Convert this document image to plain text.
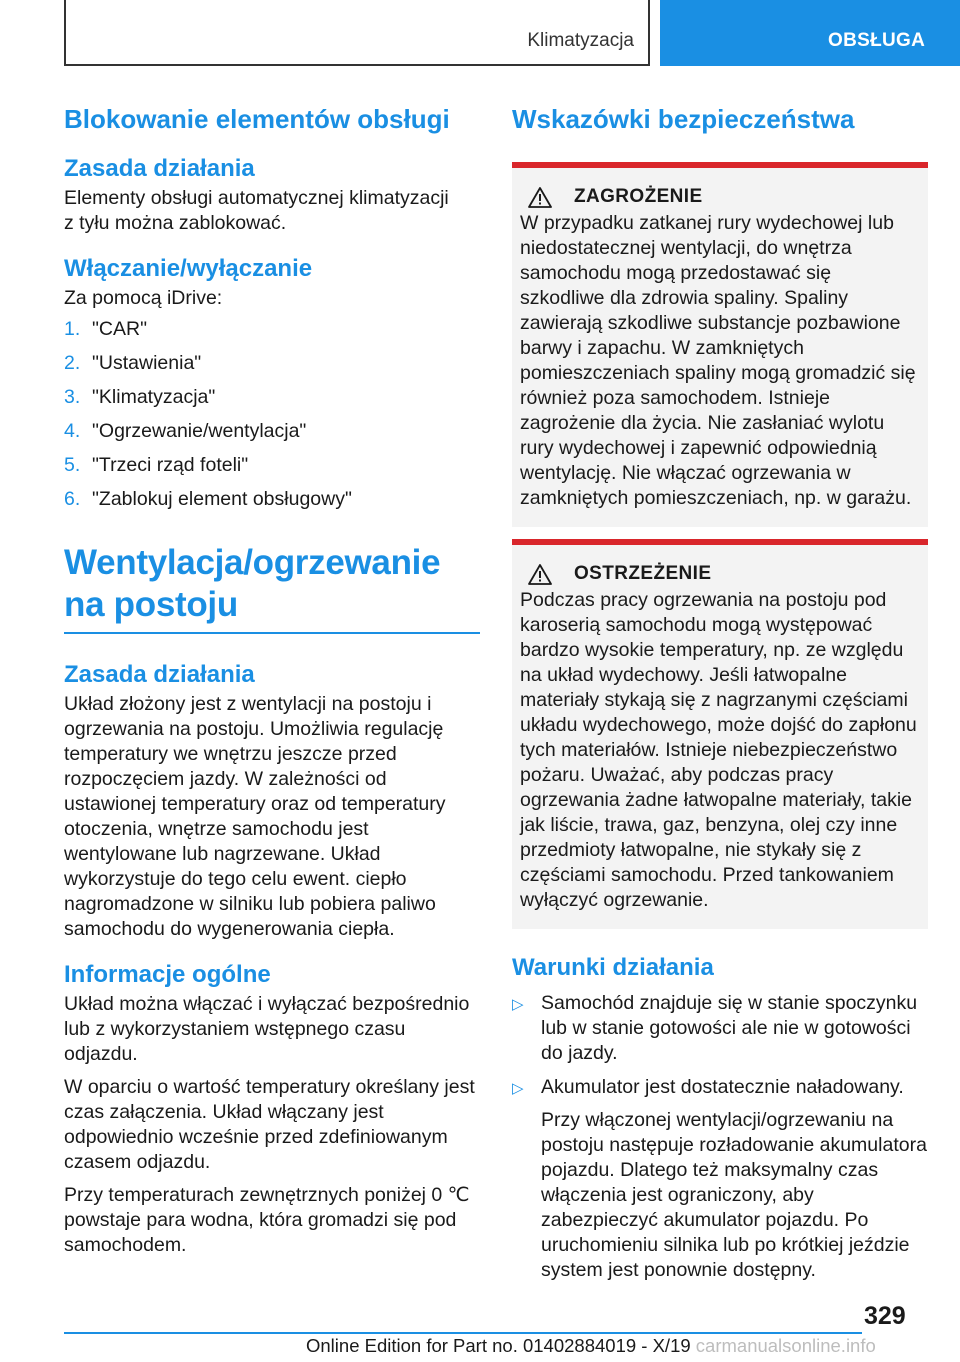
Klimatyzacja	OBSŁUGA
Blokowanie elementów obsługi
Zasada działania

Elementy obsługi automatycznej klimatyzacji z tyłu można zablokować.

Włączanie/wyłączanie

Za pomocą iDrive:

1. "CAR"
2. "Ustawienia"
3. "Klimatyzacja"
4. "Ogrzewanie/wentylacja"
5. "Trzeci rząd foteli"
6. "Zablokuj element obsługowy"
Wentylacja/ogrzewanie na postoju
Zasada działania

Układ złożony jest z wentylacji na postoju i ogrzewania na postoju. Umożliwia regulację temperatury we wnętrzu jeszcze przed rozpoczęciem jazdy. W zależności od ustawionej temperatury oraz od temperatury otoczenia, wnętrze samochodu jest wentylowane lub nagrzewane. Układ wykorzystuje do tego celu ewent. ciepło nagromadzone w silniku lub pobiera paliwo samochodu do wygenerowania ciepła.

Informacje ogólne

Układ można włączać i wyłączać bezpośrednio lub z wykorzystaniem wstępnego czasu odjazdu.

W oparciu o wartość temperatury określany jest czas załączenia. Układ włączany jest odpowiednio wcześnie przed zdefiniowanym czasem odjazdu.

Przy temperaturach zewnętrznych poniżej 0 ℃ powstaje para wodna, która gromadzi się pod samochodem.

Wskazówki bezpieczeństwa
ZAGROŻENIE

W przypadku zatkanej rury wydechowej lub niedostatecznej wentylacji, do wnętrza samochodu mogą przedostawać się szkodliwe dla zdrowia spaliny. Spaliny zawierają szkodliwe substancje pozbawione barwy i zapachu. W zamkniętych pomieszczeniach spaliny mogą gromadzić się również poza samochodem. Istnieje zagrożenie dla życia. Nie zasłaniać wylotu rury wydechowej i zapewnić odpowiednią wentylację. Nie włączać ogrzewania w zamkniętych pomieszczeniach, np. w garażu.

OSTRZEŻENIE

Podczas pracy ogrzewania na postoju pod karoserią samochodu mogą występować bardzo wysokie temperatury, np. ze względu na układ wydechowy. Jeśli łatwopalne materiały stykają się z nagrzanymi częściami układu wydechowego, może dojść do zapłonu tych materiałów. Istnieje niebezpieczeństwo pożaru. Uważać, aby podczas pracy ogrzewania żadne łatwopalne materiały, takie jak liście, trawa, gaz, benzyna, olej czy inne przedmioty łatwopalne, nie stykały się z częściami samochodu. Przed tankowaniem wyłączyć ogrzewanie.

Warunki działania
▷ Samochód znajduje się w stanie spoczynku lub w stanie gotowości ale nie w gotowości do jazdy.

▷ Akumulator jest dostatecznie naładowany.

Przy włączonej wentylacji/ogrzewaniu na postoju następuje rozładowanie akumulatora pojazdu. Dlatego też maksymalny czas włączenia jest ograniczony, aby zabezpieczyć akumulator pojazdu. Po uruchomieniu silnika lub po krótkiej jeździe system jest ponownie dostępny.

329
Online Edition for Part no. 01402884019 - X/19 carmanualsonline.info
